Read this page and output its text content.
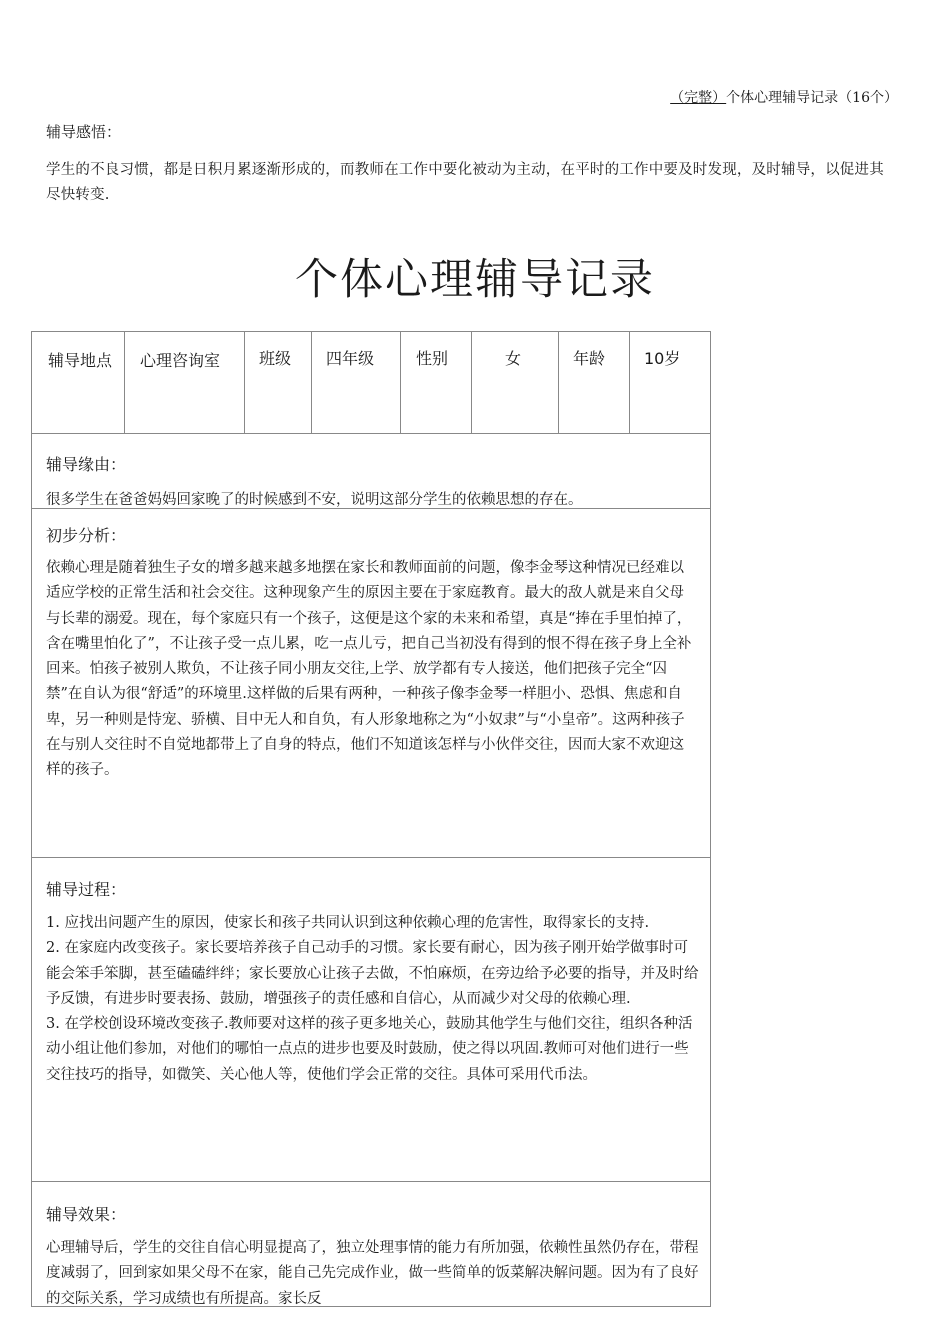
（完整）个体心理辅导记录（16个）
辅导感悟：
学生的不良习惯，都是日积月累逐渐形成的，而教师在工作中要化被动为主动，在平时的工作中要及时发现，及时辅导，以促进其尽快转变.
个体心理辅导记录
辅导地点	心理咨询室	班级 四年级	性别	女	年龄 10岁
辅导缘由：
很多学生在爸爸妈妈回家晚了的时候感到不安，说明这部分学生的依赖思想的存在。
初步分析：
依赖心理是随着独生子女的增多越来越多地摆在家长和教师面前的问题，像李金琴这种情况已经难以适应学校的正常生活和社会交往。这种现象产生的原因主要在于家庭教育。最大的敌人就是来自父母与长辈的溺爱。现在，每个家庭只有一个孩子，这便是这个家的未来和希望，真是“捧在手里怕掉了，含在嘴里怕化了”，不让孩子受一点儿累，吃一点儿亏，把自己当初没有得到的恨不得在孩子身上全补回来。怕孩子被别人欺负，不让孩子同小朋友交往,上学、放学都有专人接送，他们把孩子完全“囚禁”在自认为很“舒适”的环境里.这样做的后果有两种，一种孩子像李金琴一样胆小、恐惧、焦虑和自卑，另一种则是恃宠、骄横、目中无人和自负，有人形象地称之为“小奴隶”与“小皇帝”。这两种孩子在与别人交往时不自觉地都带上了自身的特点，他们不知道该怎样与小伙伴交往，因而大家不欢迎这样的孩子。
辅导过程：

1. 应找出问题产生的原因，使家长和孩子共同认识到这种依赖心理的危害性，取得家长的支持.

2. 在家庭内改变孩子。家长要培养孩子自己动手的习惯。家长要有耐心，因为孩子刚开始学做事时可能会笨手笨脚，甚至磕磕绊绊；家长要放心让孩子去做，不怕麻烦，在旁边给予必要的指导，并及时给予反馈，有进步时要表扬、鼓励，增强孩子的责任感和自信心，从而减少对父母的依赖心理.

3. 在学校创设环境改变孩子.教师要对这样的孩子更多地关心，鼓励其他学生与他们交往，组织各种活动小组让他们参加，对他们的哪怕一点点的进步也要及时鼓励，使之得以巩固.教师可对他们进行一些交往技巧的指导，如微笑、关心他人等，使他们学会正常的交往。具体可采用代币法。

辅导效果：
心理辅导后，学生的交往自信心明显提高了，独立处理事情的能力有所加强，依赖性虽然仍存在，带程度减弱了，回到家如果父母不在家，能自己先完成作业，做一些简单的饭菜解决解问题。因为有了良好的交际关系，学习成绩也有所提高。家长反
